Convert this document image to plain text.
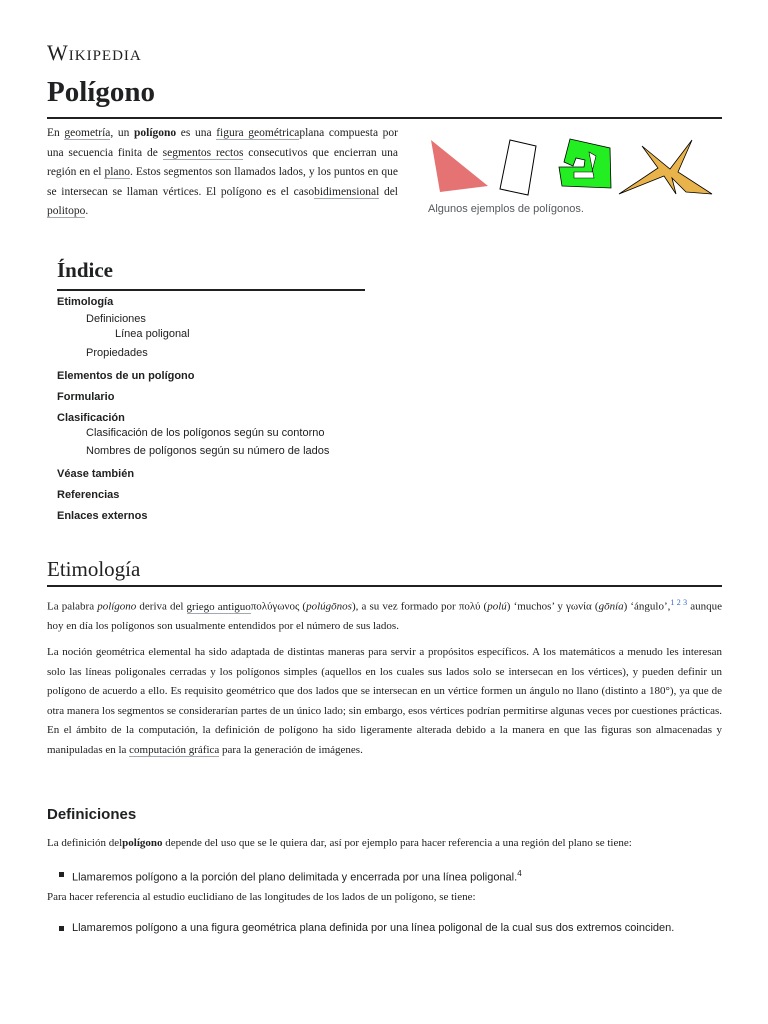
Wikipedia
Polígono

En geometría, un polígono es una figura geométricaplana compuesta por una secuencia finita de segmentos rectos consecutivos que encierran una región en el plano. Estos segmentos son llamados lados, y los puntos en que se intersecan se llaman vértices. El polígono es el casobidimensional del politopo.	Algunos ejemplos de polígonos.
Índice
Etimología
Definiciones
Línea poligonal
Propiedades
Elementos de un polígono
Formulario
Clasificación
Clasificación de los polígonos según su contorno
Nombres de polígonos según su número de lados
Véase también
Referencias
Enlaces externos
Etimología

La palabra polígono deriva del griego antiguoπολύγωνος (polúgōnos), a su vez formado por πολύ (polú) ‘muchos’ y γωνία (gōnía) ‘ángulo’,$^{1 2 3}$ aunque hoy en día los polígonos son usualmente entendidos por el número de sus lados.

La noción geométrica elemental ha sido adaptada de distintas maneras para servir a propósitos específicos. A los matemáticos a menudo les interesan solo las líneas poligonales cerradas y los polígonos simples (aquellos en los cuales sus lados solo se intersecan en los vértices), y pueden definir un polígono de acuerdo a ello. Es requisito geométrico que dos lados que se intersecan en un vértice formen un ángulo no llano (distinto a 180°), ya que de otra manera los segmentos se considerarían partes de un único lado; sin embargo, esos vértices podrían permitirse algunas veces por cuestiones prácticas. En el ámbito de la computación, la definición de polígono ha sido ligeramente alterada debido a la manera en que las figuras son almacenadas y manipuladas en la computación gráfica para la generación de imágenes.

Definiciones

La definición delpolígono depende del uso que se le quiera dar, así por ejemplo para hacer referencia a una región del plano se tiene:

Llamaremos polígono a la porción del plano delimitada y encerrada por una línea poligonal.$^4$

Para hacer referencia al estudio euclidiano de las longitudes de los lados de un polígono, se tiene:

Llamaremos polígono a una figura geométrica plana definida por una línea poligonal de la cual sus dos extremos coinciden.
